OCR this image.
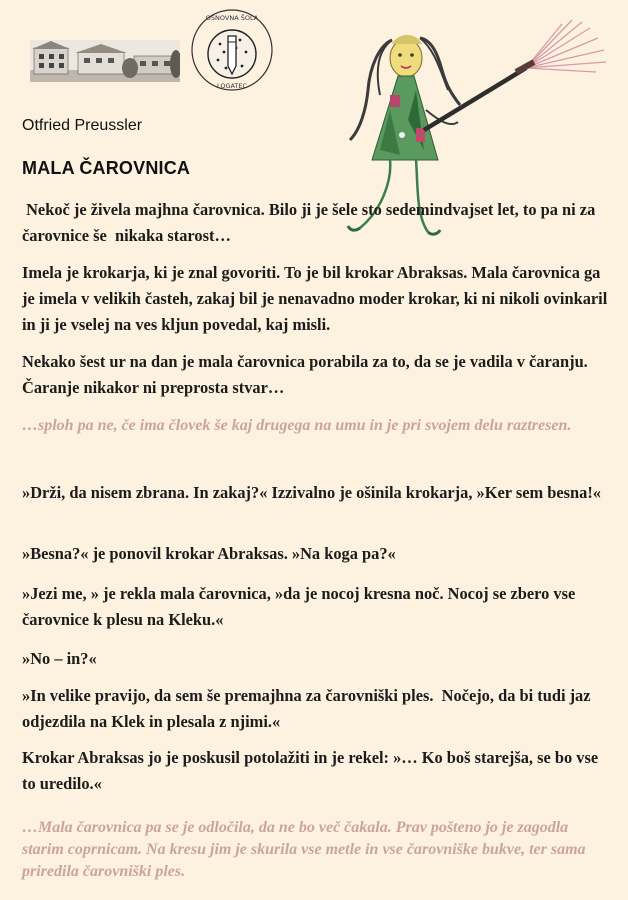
OSNOVNA ŠOLA
LOGATEC
Otfried Preussler
MALA ČAROVNICA

Nekoč je živela majhna čarovnica. Bilo ji je šele sto sedemindvajset let, to pa ni za čarovnice še  nikaka starost…

Imela je krokarja, ki je znal govoriti. To je bil krokar Abraksas. Mala čarovnica ga je imela v velikih časteh, zakaj bil je nenavadno moder krokar, ki ni nikoli ovinkaril in ji je vselej na ves kljun povedal, kaj misli.

Nekako šest ur na dan je mala čarovnica porabila za to, da se je vadila v čaranju. Čaranje nikakor ni preprosta stvar…

…sploh pa ne, če ima človek še kaj drugega na umu in je pri svojem delu raztresen.

»Drži, da nisem zbrana. In zakaj?« Izzivalno je ošinila krokarja, »Ker sem besna!«

»Besna?« je ponovil krokar Abraksas. »Na koga pa?«

»Jezi me, » je rekla mala čarovnica, »da je nocoj kresna noč. Nocoj se zbero vse čarovnice k plesu na Kleku.«

»No – in?«

»In velike pravijo, da sem še premajhna za čarovniški ples.  Nočejo, da bi tudi jaz odjezdila na Klek in plesala z njimi.«

Krokar Abraksas jo je poskusil potolažiti in je rekel: »… Ko boš starejša, se bo vse to uredilo.«

…Mala čarovnica pa se je odločila, da ne bo več čakala. Prav pošteno jo je zagodla starim coprnicam. Na kresu jim je skurila vse metle in vse čarovniške bukve, ter sama priredila čarovniški ples.
